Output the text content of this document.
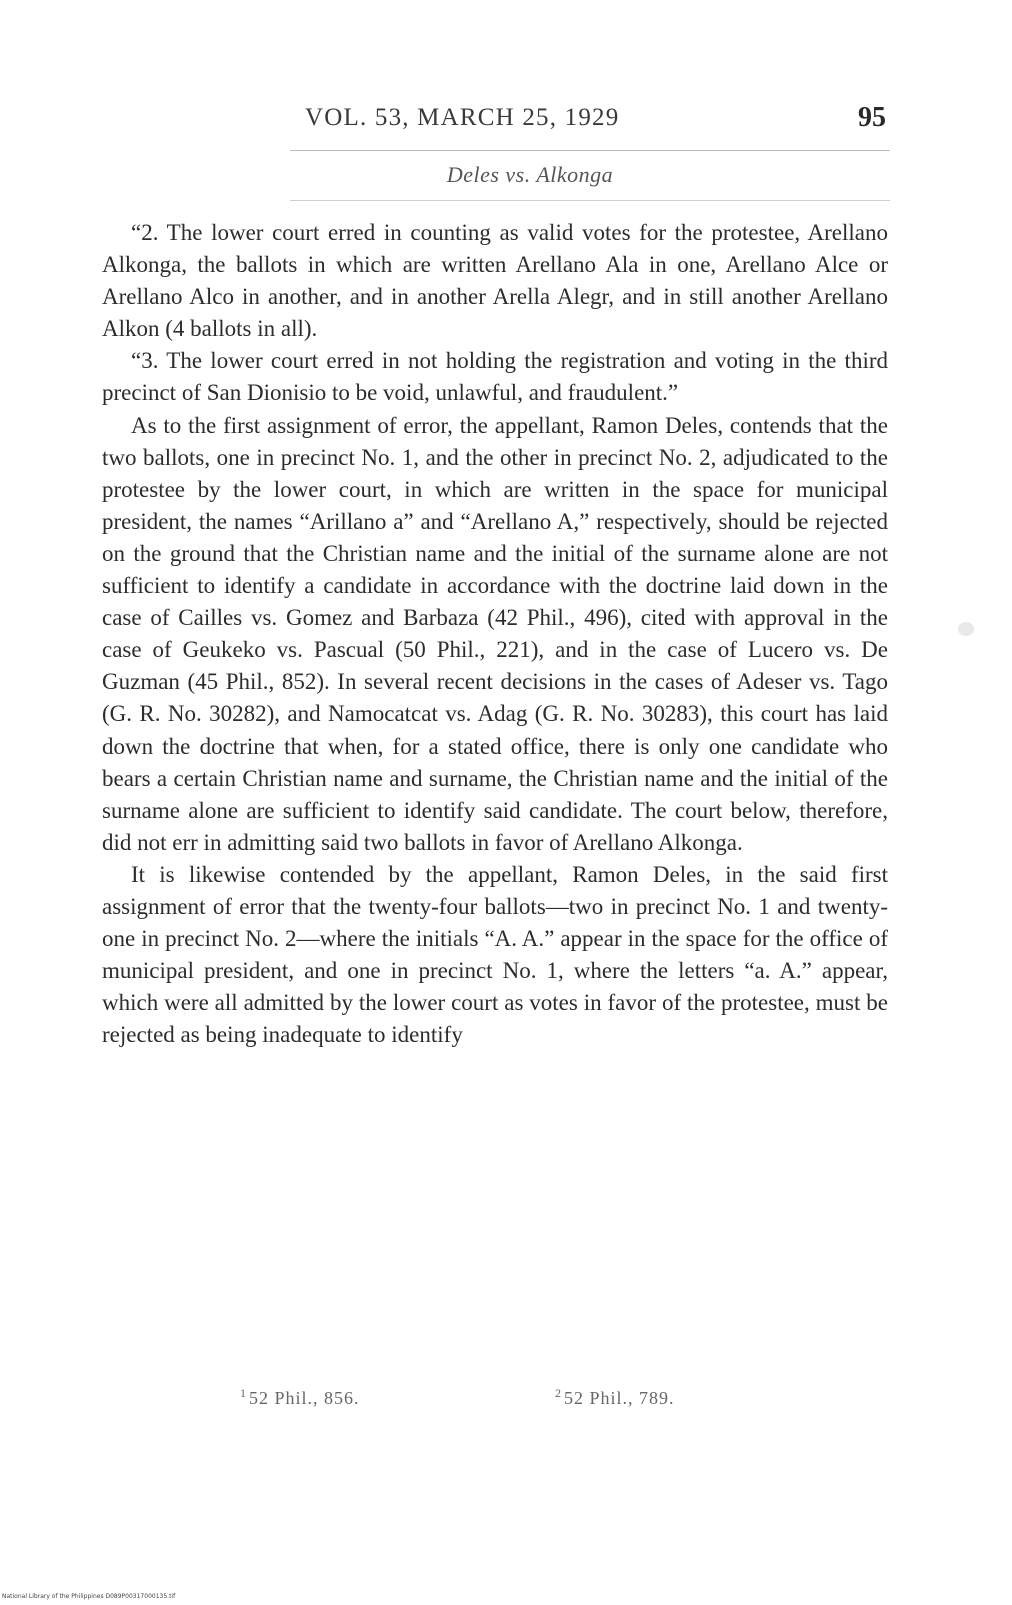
VOL. 53, MARCH 25, 1929	95
Deles vs. Alkonga

“2. The lower court erred in counting as valid votes for the protestee, Arellano Alkonga, the ballots in which are written Arellano Ala in one, Arellano Alce or Arellano Alco in another, and in another Arella Alegr, and in still another Arellano Alkon (4 ballots in all).

“3. The lower court erred in not holding the registration and voting in the third precinct of San Dionisio to be void, unlawful, and fraudulent.”

As to the first assignment of error, the appellant, Ramon Deles, contends that the two ballots, one in precinct No. 1, and the other in precinct No. 2, adjudicated to the protestee by the lower court, in which are written in the space for municipal president, the names “Arillano a” and “Arellano A,” respectively, should be rejected on the ground that the Christian name and the initial of the surname alone are not sufficient to identify a candidate in accordance with the doctrine laid down in the case of Cailles vs. Gomez and Barbaza (42 Phil., 496), cited with approval in the case of Geukeko vs. Pascual (50 Phil., 221), and in the case of Lucero vs. De Guzman (45 Phil., 852). In several recent decisions in the cases of Adeser vs. Tago (G. R. No. 30282), and Namocatcat vs. Adag (G. R. No. 30283), this court has laid down the doctrine that when, for a stated office, there is only one candidate who bears a certain Christian name and surname, the Christian name and the initial of the surname alone are sufficient to identify said candidate. The court below, therefore, did not err in admitting said two ballots in favor of Arellano Alkonga.

It is likewise contended by the appellant, Ramon Deles, in the said first assignment of error that the twenty-four ballots—two in precinct No. 1 and twenty-one in precinct No. 2—where the initials “A. A.” appear in the space for the office of municipal president, and one in precinct No. 1, where the letters “a. A.” appear, which were all admitted by the lower court as votes in favor of the protestee, must be rejected as being inadequate to identify

$^1$ 52 Phil., 856.	$^2$ 52 Phil., 789.
National Library of the Philippines D089P00317000135.tif
